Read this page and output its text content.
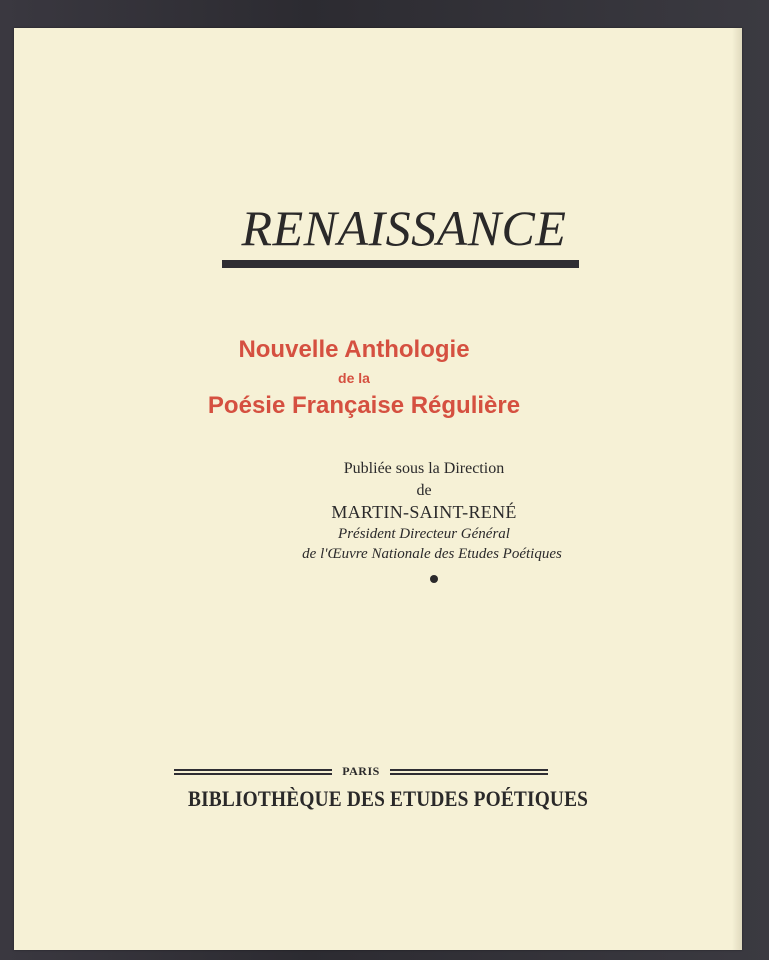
RENAISSANCE
Nouvelle Anthologie
de la
Poésie Française Régulière
Publiée sous la Direction
de
MARTIN-SAINT-RENÉ
Président Directeur Général
de l'Œuvre Nationale des Etudes Poétiques
PARIS
BIBLIOTHÈQUE DES ETUDES POÉTIQUES
